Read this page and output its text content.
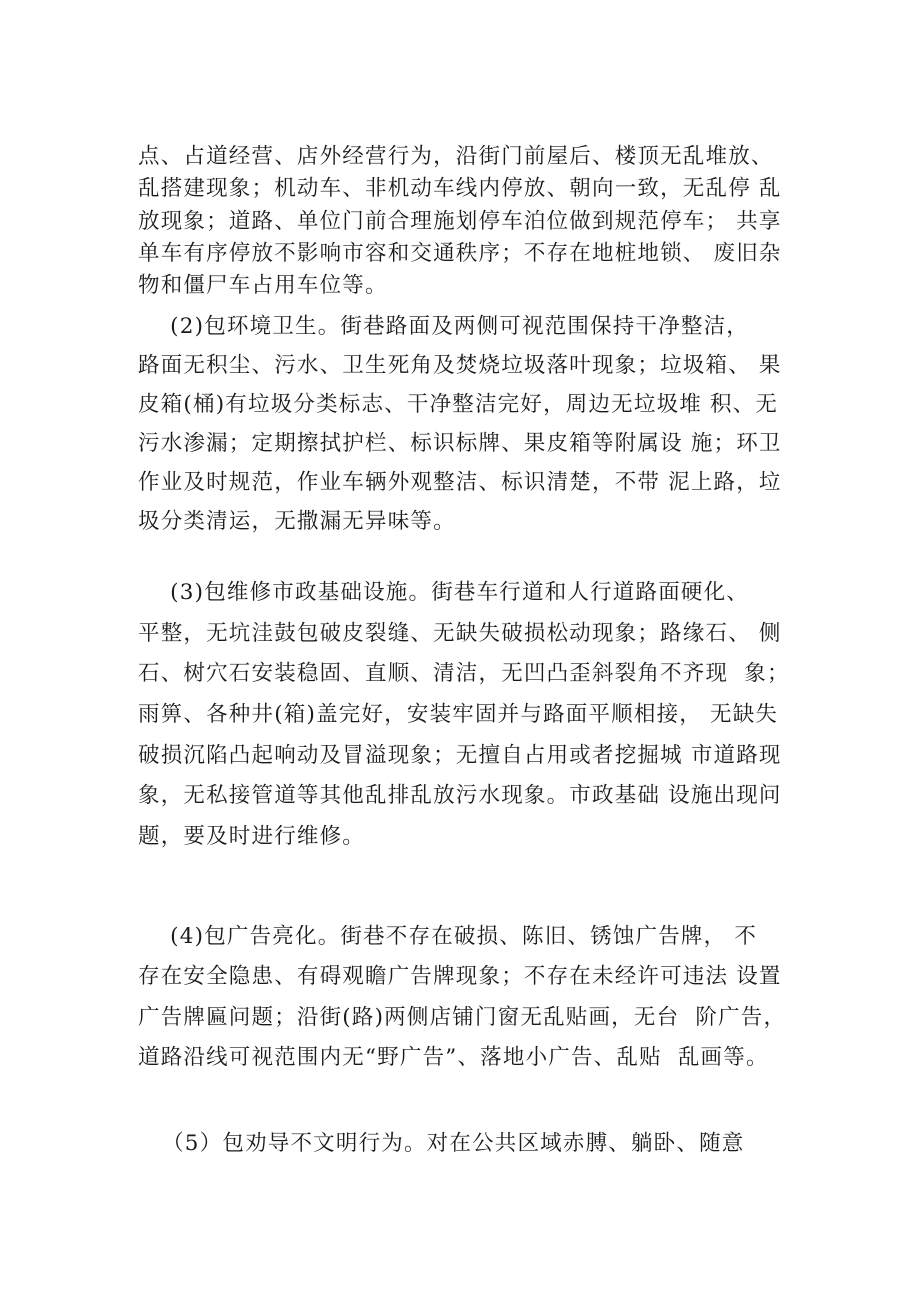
点、占道经营、店外经营行为，沿街门前屋后、楼顶无乱堆放、
乱搭建现象；机动车、非机动车线内停放、朝向一致，无乱停 乱
放现象；道路、单位门前合理施划停车泊位做到规范停车； 共享
单车有序停放不影响市容和交通秩序；不存在地桩地锁、 废旧杂
物和僵尸车占用车位等。
(2)包环境卫生。街巷路面及两侧可视范围保持干净整洁，
路面无积尘、污水、卫生死角及焚烧垃圾落叶现象；垃圾箱、 果
皮箱(桶)有垃圾分类标志、干净整洁完好，周边无垃圾堆 积、无
污水渗漏；定期擦拭护栏、标识标牌、果皮箱等附属设 施；环卫
作业及时规范，作业车辆外观整洁、标识清楚，不带 泥上路，垃
圾分类清运，无撒漏无异味等。
(3)包维修市政基础设施。街巷车行道和人行道路面硬化、
平整，无坑洼鼓包破皮裂缝、无缺失破损松动现象；路缘石、 侧
石、树穴石安装稳固、直顺、清洁，无凹凸歪斜裂角不齐现  象；
雨箅、各种井(箱)盖完好，安装牢固并与路面平顺相接， 无缺失
破损沉陷凸起响动及冒溢现象；无擅自占用或者挖掘城 市道路现
象，无私接管道等其他乱排乱放污水现象。市政基础 设施出现问
题，要及时进行维修。
(4)包广告亮化。街巷不存在破损、陈旧、锈蚀广告牌， 不
存在安全隐患、有碍观瞻广告牌现象；不存在未经许可违法 设置
广告牌匾问题；沿街(路)两侧店铺门窗无乱贴画，无台  阶广告，
道路沿线可视范围内无“野广告”、落地小广告、乱贴  乱画等。
（5）包劝导不文明行为。对在公共区域赤膊、躺卧、随意
